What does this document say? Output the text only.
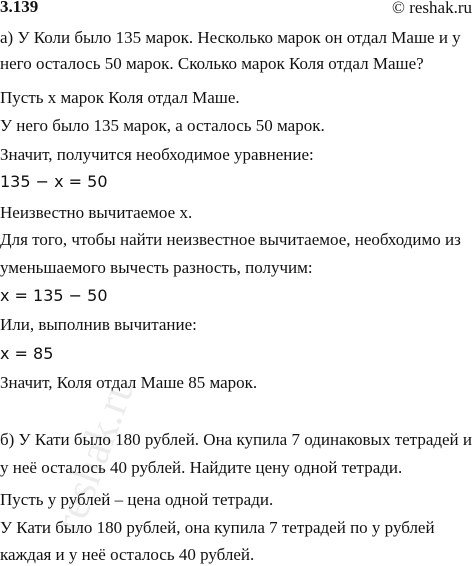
3.139	© reshak.ru
reshak.ru
а) У Коли было 135 марок. Несколько марок он отдал Маше и у
него осталось 50 марок. Сколько марок Коля отдал Маше?
Пусть x марок Коля отдал Маше.
У него было 135 марок, а осталось 50 марок.
Значит, получится необходимое уравнение:
135 − x = 50
Неизвестно вычитаемое x.
Для того, чтобы найти неизвестное вычитаемое, необходимо из
уменьшаемого вычесть разность, получим:
x = 135 − 50
Или, выполнив вычитание:
x = 85
Значит, Коля отдал Маше 85 марок.
б) У Кати было 180 рублей. Она купила 7 одинаковых тетрадей и
у неё осталось 40 рублей. Найдите цену одной тетради.
Пусть y рублей – цена одной тетради.
У Кати было 180 рублей, она купила 7 тетрадей по y рублей
каждая и у неё осталось 40 рублей.
